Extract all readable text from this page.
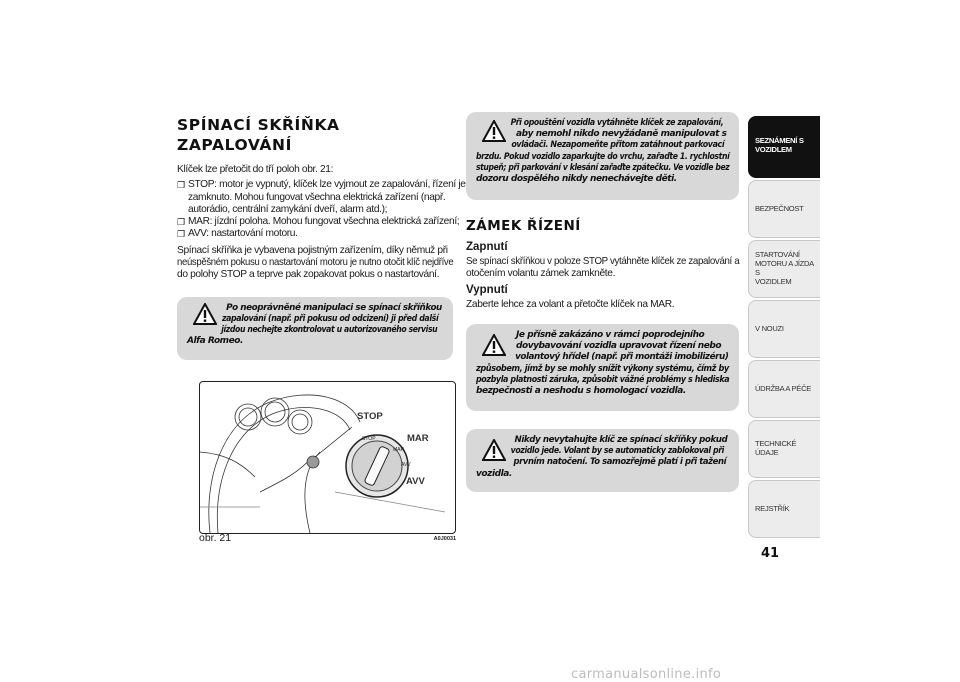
SPÍNACÍ SKŘÍŇKA ZAPALOVÁNÍ

Klíček lze přetočit do tří poloh obr. 21:

❐ STOP: motor je vypnutý, klíček lze vyjmout ze zapalování, řízení je
zamknuto. Mohou fungovat všechna elektrická zařízení (např.
autorádio, centrální zamykání dveří, alarm atd.);
❐ MAR: jízdní poloha. Mohou fungovat všechna elektrická zařízení;
❐ AVV: nastartování motoru.

Spínací skříňka je vybavena pojistným zařízením, díky němuž při

neúspěšném pokusu o nastartování motoru je nutno otočit klíč nejdříve

do polohy STOP a teprve pak zopakovat pokus o nastartování.

Po neoprávněné manipulaci se spínací skříňkou
zapalování (např. při pokusu od odcizení) ji před další
jízdou nechejte zkontrolovat u autorizovaného servisu
Alfa Romeo.
STOP
MAR
AVV
STOP
MAR
AVV
obr. 21	A0J0031
Při opouštění vozidla vytáhněte klíček ze zapalování,
aby nemohl nikdo nevyžádaně manipulovat s
ovládači. Nezapomeňte přitom zatáhnout parkovací
brzdu. Pokud vozidlo zaparkujte do vrchu, zařaďte 1. rychlostní
stupeň; při parkování v klesání zařaďte zpátečku. Ve vozidle bez
dozoru dospělého nikdy nenechávejte děti.
ZÁMEK ŘÍZENÍ
Zapnutí

Se spínací skříňkou v poloze STOP vytáhněte klíček ze zapalování a

otočením volantu zámek zamkněte.

Vypnutí

Zaberte lehce za volant a přetočte klíček na MAR.

Je přísně zakázáno v rámci poprodejního
dovybavování vozidla upravovat řízení nebo
volantový hřídel (např. při montáži imobilizéru)
způsobem, jímž by se mohly snížit výkony systému, čímž by
pozbyla platnosti záruka, způsobit vážné problémy s hlediska
bezpečnosti a neshodu s homologací vozidla.
Nikdy nevytahujte klíč ze spínací skříňky pokud
vozidlo jede. Volant by se automaticky zablokoval při
prvním natočení. To samozřejmě platí i při tažení
vozidla.
SEZNÁMENÍ S
VOZIDLEM
BEZPEČNOST
STARTOVÁNÍ
MOTORU A JÍZDA S
VOZIDLEM
V NOUZI
ÚDRŽBA A PÉČE
TECHNICKÉ ÚDAJE
REJSTŘÍK
41
carmanualsonline.info
